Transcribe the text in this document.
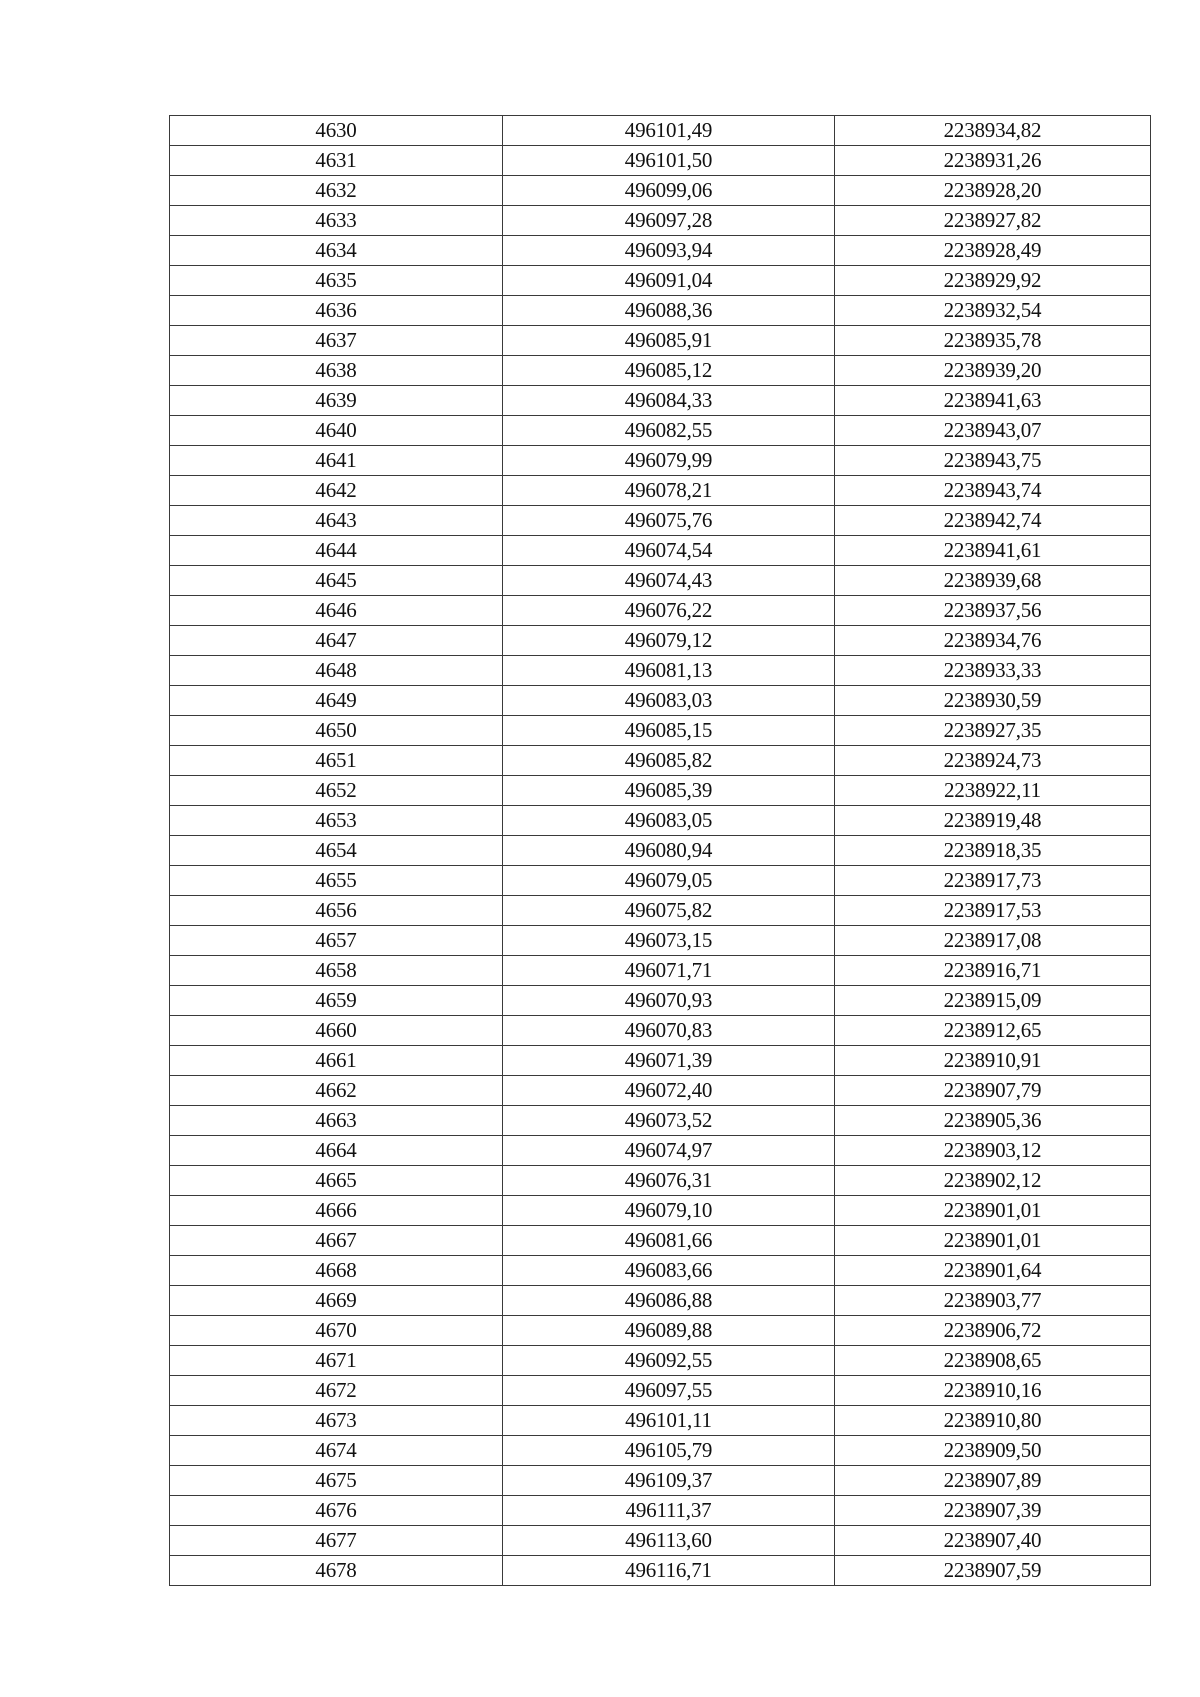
4630	496101,49	2238934,82
4631	496101,50	2238931,26
4632	496099,06	2238928,20
4633	496097,28	2238927,82
4634	496093,94	2238928,49
4635	496091,04	2238929,92
4636	496088,36	2238932,54
4637	496085,91	2238935,78
4638	496085,12	2238939,20
4639	496084,33	2238941,63
4640	496082,55	2238943,07
4641	496079,99	2238943,75
4642	496078,21	2238943,74
4643	496075,76	2238942,74
4644	496074,54	2238941,61
4645	496074,43	2238939,68
4646	496076,22	2238937,56
4647	496079,12	2238934,76
4648	496081,13	2238933,33
4649	496083,03	2238930,59
4650	496085,15	2238927,35
4651	496085,82	2238924,73
4652	496085,39	2238922,11
4653	496083,05	2238919,48
4654	496080,94	2238918,35
4655	496079,05	2238917,73
4656	496075,82	2238917,53
4657	496073,15	2238917,08
4658	496071,71	2238916,71
4659	496070,93	2238915,09
4660	496070,83	2238912,65
4661	496071,39	2238910,91
4662	496072,40	2238907,79
4663	496073,52	2238905,36
4664	496074,97	2238903,12
4665	496076,31	2238902,12
4666	496079,10	2238901,01
4667	496081,66	2238901,01
4668	496083,66	2238901,64
4669	496086,88	2238903,77
4670	496089,88	2238906,72
4671	496092,55	2238908,65
4672	496097,55	2238910,16
4673	496101,11	2238910,80
4674	496105,79	2238909,50
4675	496109,37	2238907,89
4676	496111,37	2238907,39
4677	496113,60	2238907,40
4678	496116,71	2238907,59
